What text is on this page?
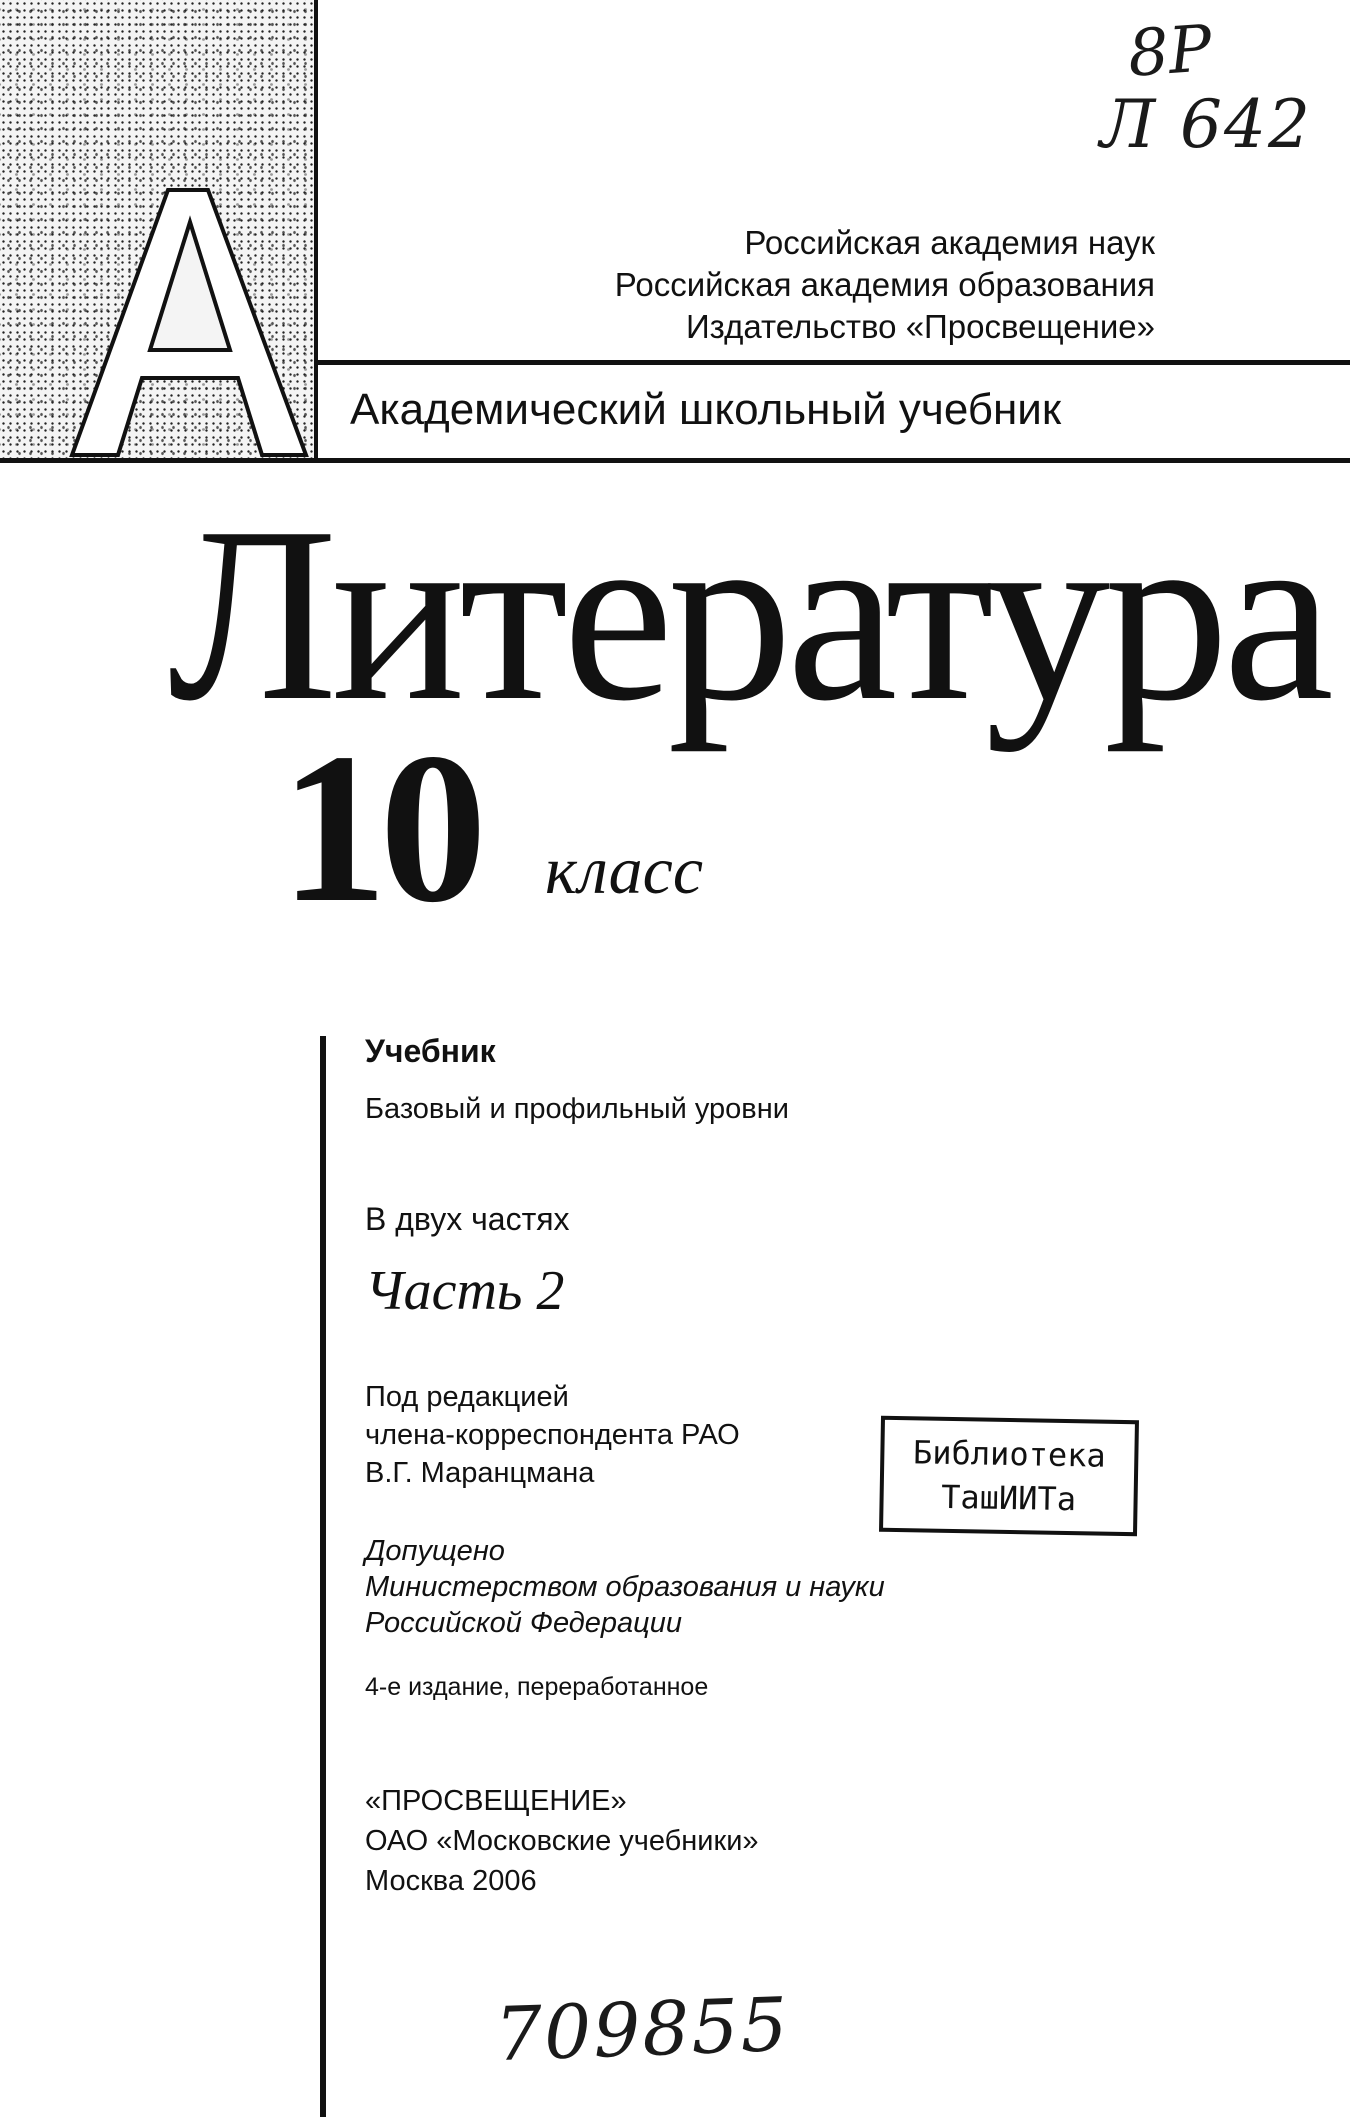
8Р
Л 642
Российская академия наук
Российская академия образования
Издательство «Просвещение»
Академический школьный учебник
Литература
10 класс
Учебник
Базовый и профильный уровни
В двух частях
Часть 2
Под редакцией
члена-корреспондента РАО
В.Г. Маранцмана	Библиотека
ТашИИТа
Допущено
Министерством образования и науки
Российской Федерации
4-е издание, переработанное
«ПРОСВЕЩЕНИЕ»
ОАО «Московские учебники»
Москва 2006
709855
